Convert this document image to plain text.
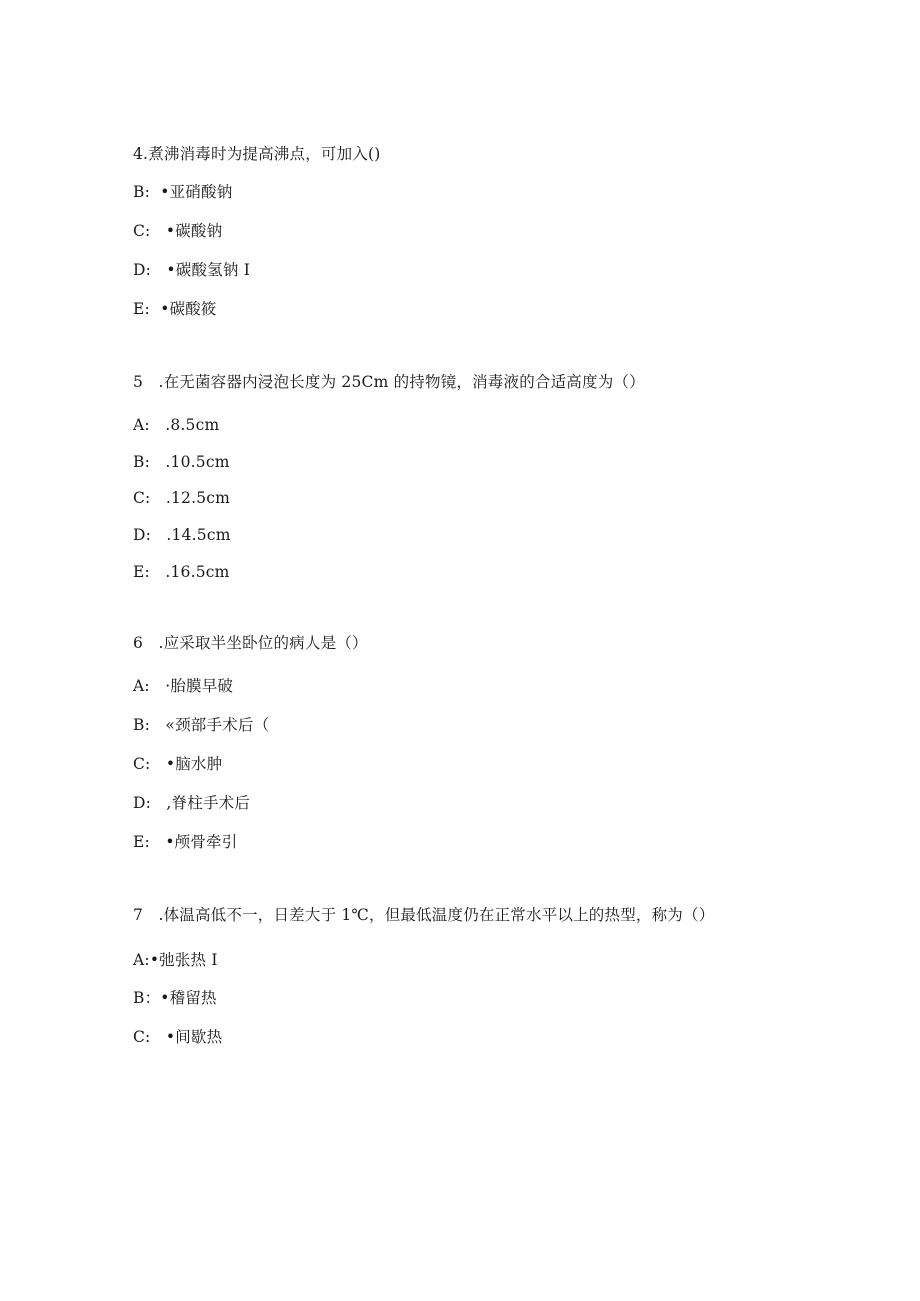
4.煮沸消毒时为提高沸点，可加入()
B:  •亚硝酸钠
C:   •碳酸钠
D:   •碳酸氢钠 I
E:  •碳酸筱
5   .在无菌容器内浸泡长度为 25Cm 的持物镜，消毒液的合适高度为（）
A:   .8.5cm
B:   .10.5cm
C:   .12.5cm
D:   .14.5cm
E:   .16.5cm
6   .应采取半坐卧位的病人是（）
A:   ·胎膜早破
B:   «颈部手术后（
C:   •脑水肿
D:   ,脊柱手术后
E:   •颅骨牵引
7   .体温高低不一，日差大于 1℃，但最低温度仍在正常水平以上的热型，称为（）
A:•弛张热 I
B：•稽留热
C:   •间歇热
